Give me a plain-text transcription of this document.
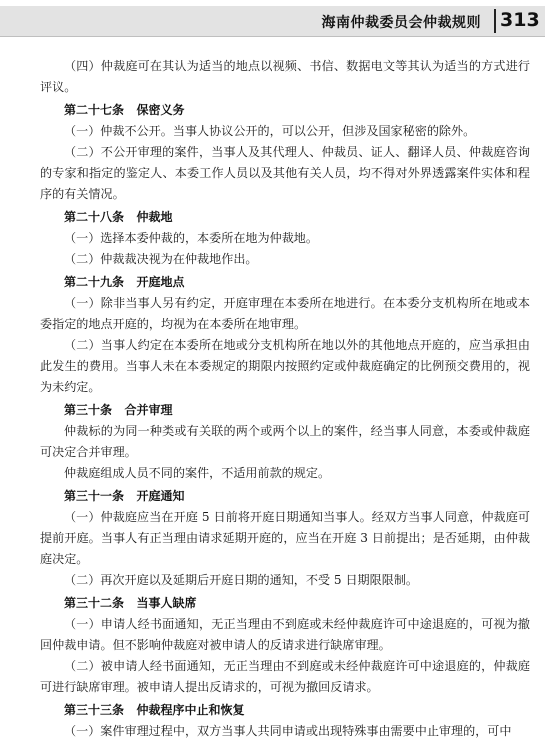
海南仲裁委员会仲裁规则 313

（四）仲裁庭可在其认为适当的地点以视频、书信、数据电文等其认为适当的方式进行评议。

第二十七条   保密义务

（一）仲裁不公开。当事人协议公开的，可以公开，但涉及国家秘密的除外。

（二）不公开审理的案件，当事人及其代理人、仲裁员、证人、翻译人员、仲裁庭咨询的专家和指定的鉴定人、本委工作人员以及其他有关人员，均不得对外界透露案件实体和程序的有关情况。

第二十八条   仲裁地

（一）选择本委仲裁的，本委所在地为仲裁地。

（二）仲裁裁决视为在仲裁地作出。

第二十九条   开庭地点

（一）除非当事人另有约定，开庭审理在本委所在地进行。在本委分支机构所在地或本委指定的地点开庭的，均视为在本委所在地审理。

（二）当事人约定在本委所在地或分支机构所在地以外的其他地点开庭的，应当承担由此发生的费用。当事人未在本委规定的期限内按照约定或仲裁庭确定的比例预交费用的，视为未约定。

第三十条   合并审理

仲裁标的为同一种类或有关联的两个或两个以上的案件，经当事人同意，本委或仲裁庭可决定合并审理。

仲裁庭组成人员不同的案件，不适用前款的规定。

第三十一条   开庭通知

（一）仲裁庭应当在开庭 5 日前将开庭日期通知当事人。经双方当事人同意，仲裁庭可提前开庭。当事人有正当理由请求延期开庭的，应当在开庭 3 日前提出；是否延期，由仲裁庭决定。

（二）再次开庭以及延期后开庭日期的通知，不受 5 日期限限制。

第三十二条   当事人缺席

（一）申请人经书面通知，无正当理由不到庭或未经仲裁庭许可中途退庭的，可视为撤回仲裁申请。但不影响仲裁庭对被申请人的反请求进行缺席审理。

（二）被申请人经书面通知，无正当理由不到庭或未经仲裁庭许可中途退庭的，仲裁庭可进行缺席审理。被申请人提出反请求的，可视为撤回反请求。

第三十三条   仲裁程序中止和恢复

（一）案件审理过程中，双方当事人共同申请或出现特殊事由需要中止审理的，可中
